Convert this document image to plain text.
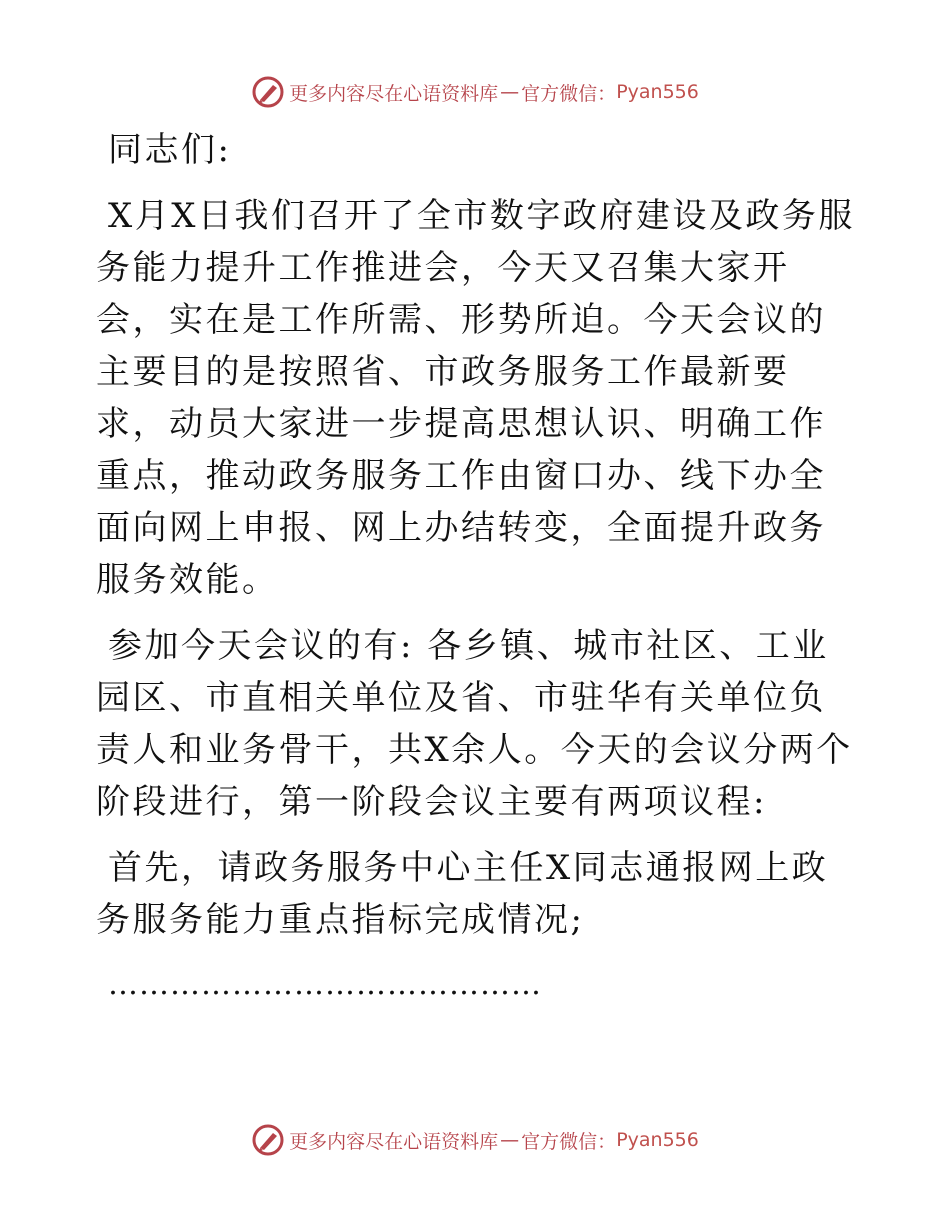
更多内容尽在心语资料库 — 官方微信： Pyan556

同志们:

X月X日我们召开了全市数字政府建设及政务服务能力提升工作推进会，今天又召集大家开会，实在是工作所需、形势所迫。今天会议的主要目的是按照省、市政务服务工作最新要求，动员大家进一步提高思想认识、明确工作重点，推动政务服务工作由窗口办、线下办全面向网上申报、网上办结转变，全面提升政务服务效能。

参加今天会议的有: 各乡镇、城市社区、工业园区、市直相关单位及省、市驻华有关单位负责人和业务骨干，共X余人。今天的会议分两个阶段进行，第一阶段会议主要有两项议程:

首先，请政务服务中心主任X同志通报网上政务服务能力重点指标完成情况;

……………………………………
更多内容尽在心语资料库 — 官方微信： Pyan556
